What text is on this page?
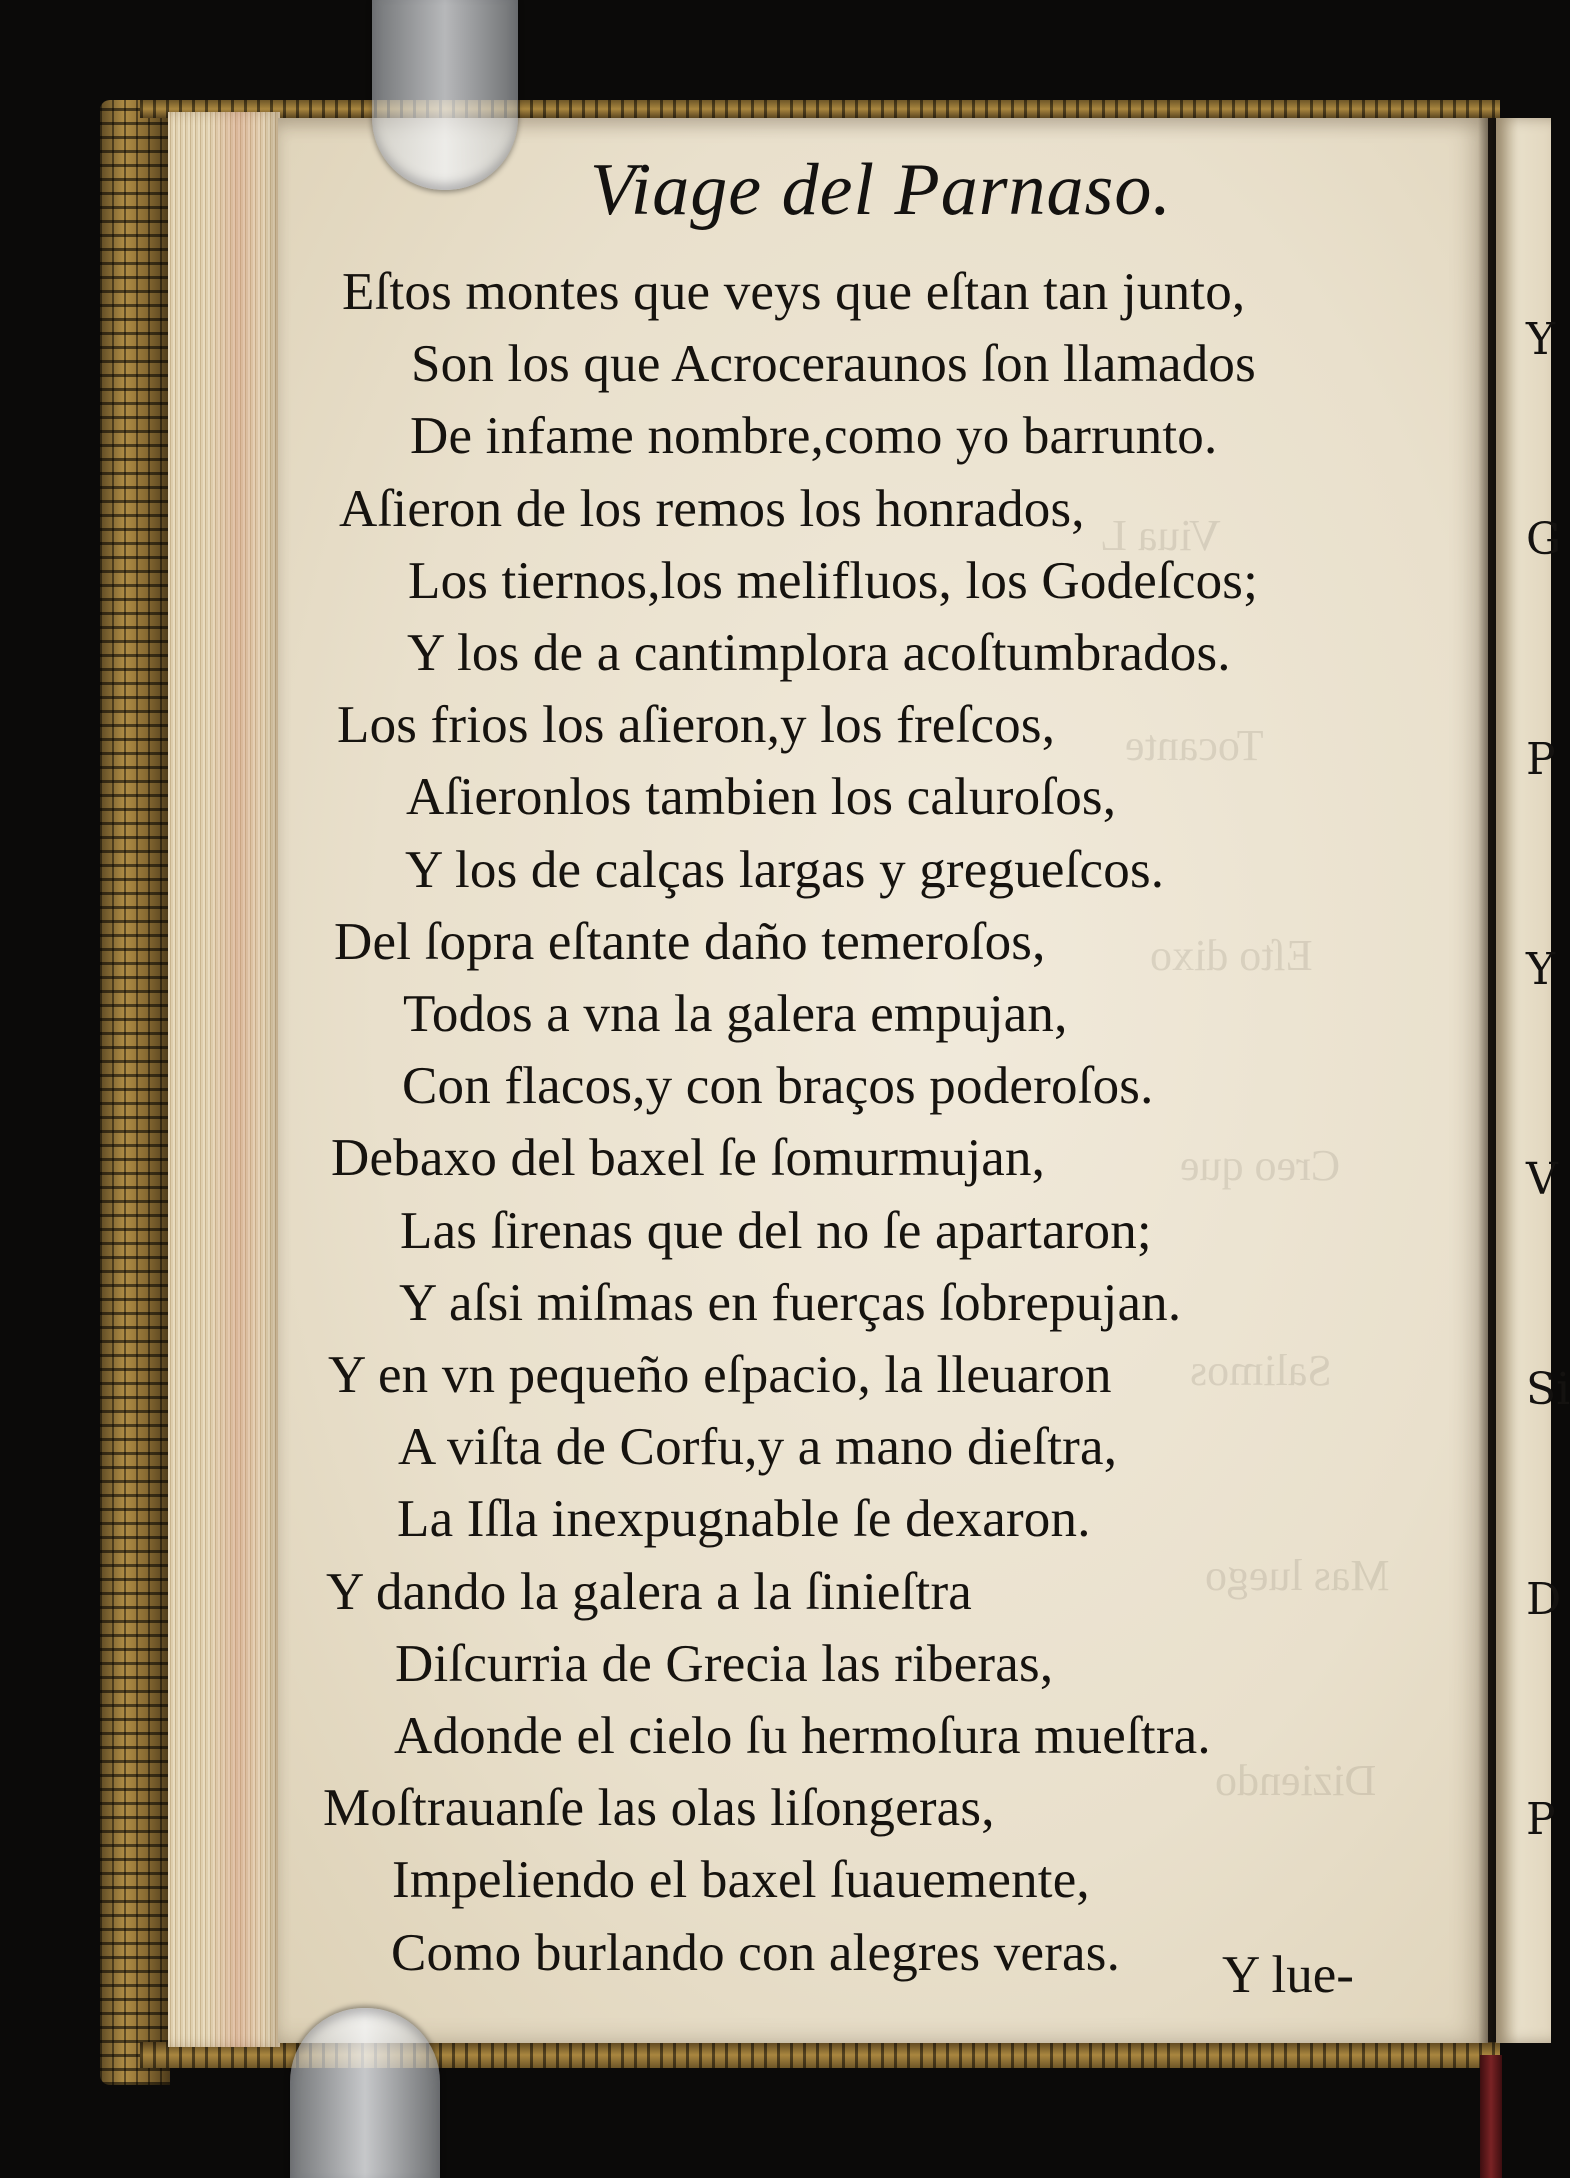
Viua L
Tocante
Eſto dixo
Creo que
Salimos
Mas luego
Diziendo
Viage del Parnaso.
Eſtos montes que veys que eſtan tan junto,
Son los que Acroceraunos ſon llamados
De infame nombre,como yo barrunto.
Aſieron de los remos los honrados,
Los tiernos,los melifluos, los Godeſcos;
Y los de a cantimplora acoſtumbrados.
Los frios los aſieron,y los freſcos,
Aſieronlos tambien los caluroſos,
Y los de calças largas y gregueſcos.
Del ſopra eſtante daño temeroſos,
Todos a vna la galera empujan,
Con flacos,y con braços poderoſos.
Debaxo del baxel ſe ſomurmujan,
Las ſirenas que del no ſe apartaron;
Y aſsi miſmas en fuerças ſobrepujan.
Y en vn pequeño eſpacio, la lleuaron
A viſta de Corfu,y a mano dieſtra,
La Iſla inexpugnable ſe dexaron.
Y dando la galera a la ſinieſtra
Diſcurria de Grecia las riberas,
Adonde el cielo ſu hermoſura mueſtra.
Moſtrauanſe las olas liſongeras,
Impeliendo el baxel ſuauemente,
Como burlando con alegres veras. Y lue-
Y
G
P
Y
V
Si
D
P
